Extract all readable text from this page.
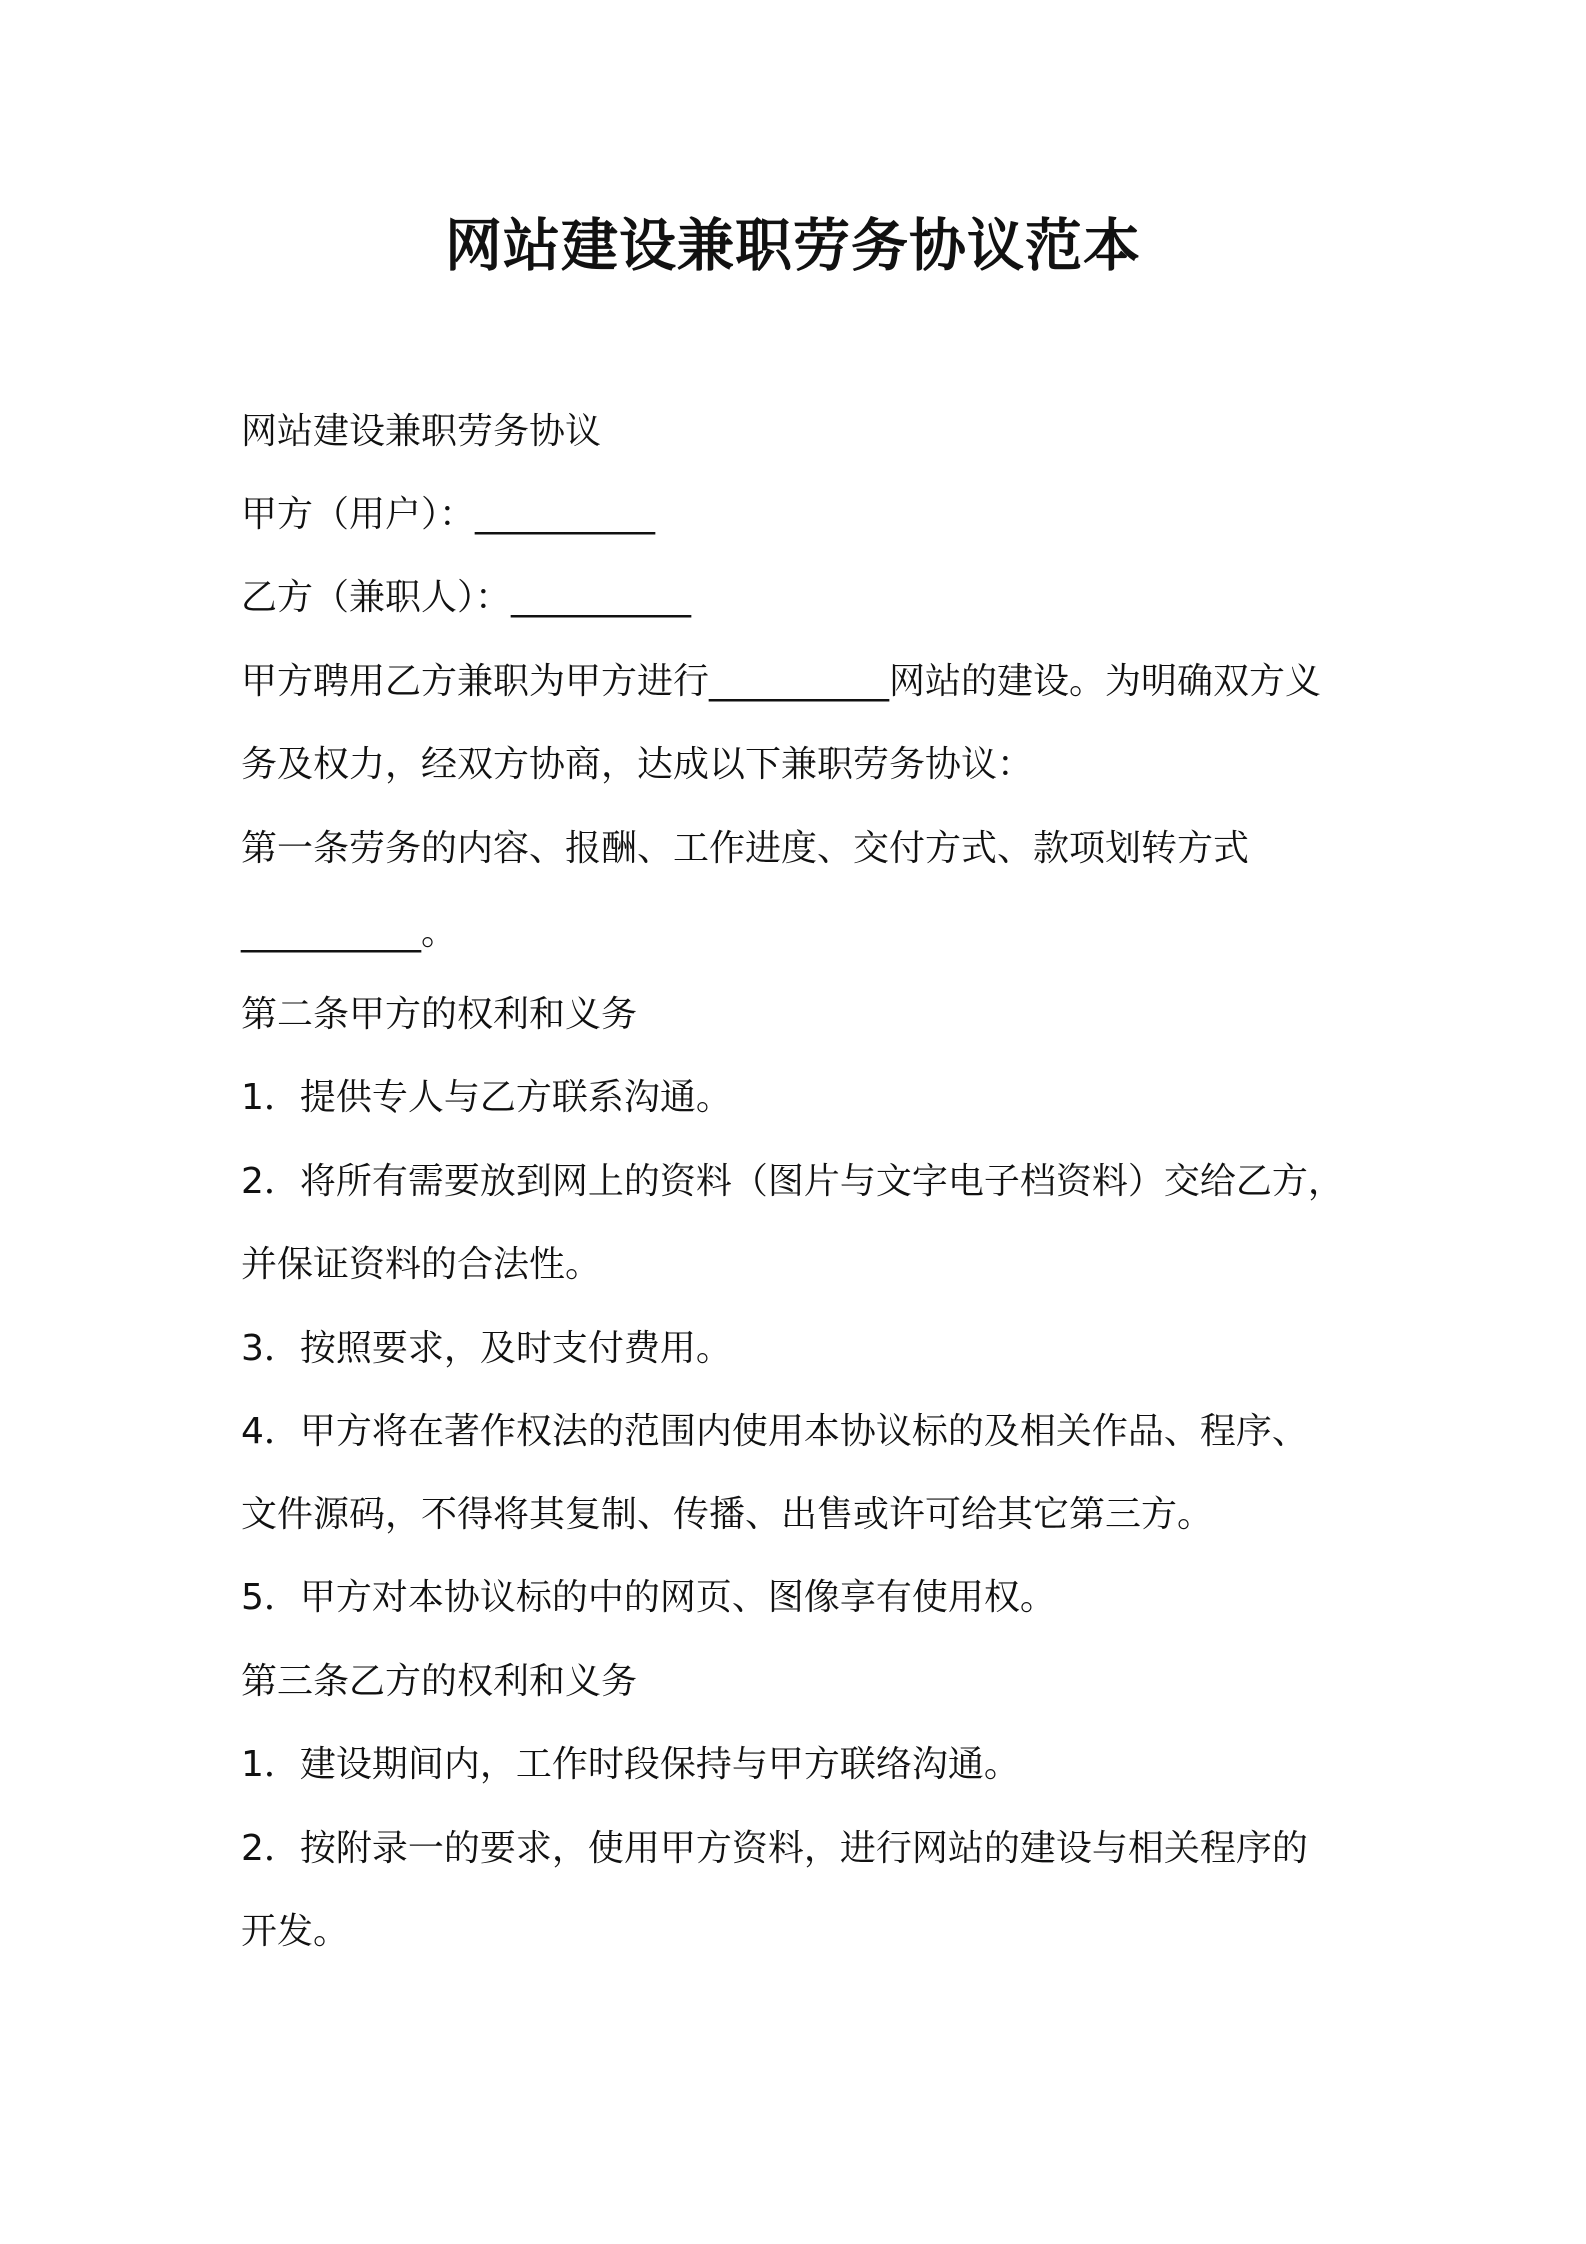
网站建设兼职劳务协议范本
网站建设兼职劳务协议
甲方（用户）：__________
乙方（兼职人）：__________
甲方聘用乙方兼职为甲方进行__________网站的建设。为明确双方义
务及权力，经双方协商，达成以下兼职劳务协议：
第一条劳务的内容、报酬、工作进度、交付方式、款项划转方式
__________。
第二条甲方的权利和义务
1．提供专人与乙方联系沟通。
2．将所有需要放到网上的资料（图片与文字电子档资料）交给乙方，
并保证资料的合法性。
3．按照要求，及时支付费用。
4．甲方将在著作权法的范围内使用本协议标的及相关作品、程序、
文件源码，不得将其复制、传播、出售或许可给其它第三方。
5．甲方对本协议标的中的网页、图像享有使用权。
第三条乙方的权利和义务
1．建设期间内，工作时段保持与甲方联络沟通。
2．按附录一的要求，使用甲方资料，进行网站的建设与相关程序的
开发。
